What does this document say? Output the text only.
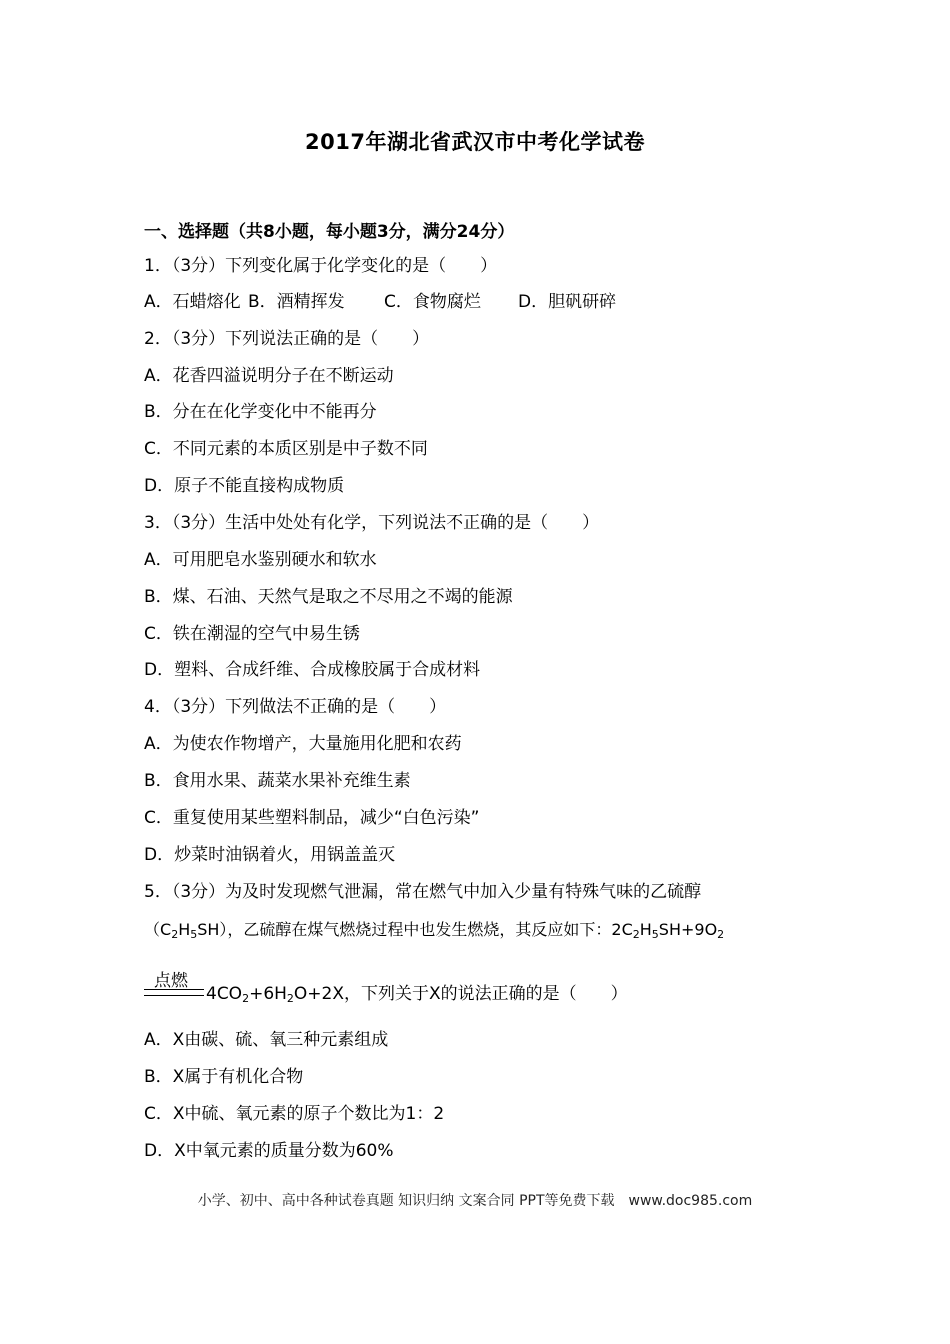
2017年湖北省武汉市中考化学试卷
一、选择题（共8小题，每小题3分，满分24分）
1．（3分）下列变化属于化学变化的是（　　）
A．石蜡熔化 B．酒精挥发 C．食物腐烂 D．胆矾研碎
2．（3分）下列说法正确的是（　　）
A．花香四溢说明分子在不断运动
B．分在在化学变化中不能再分
C．不同元素的本质区别是中子数不同
D．原子不能直接构成物质
3．（3分）生活中处处有化学，下列说法不正确的是（　　）
A．可用肥皂水鉴别硬水和软水
B．煤、石油、天然气是取之不尽用之不竭的能源
C．铁在潮湿的空气中易生锈
D．塑料、合成纤维、合成橡胶属于合成材料
4．（3分）下列做法不正确的是（　　）
A．为使农作物增产，大量施用化肥和农药
B．食用水果、蔬菜水果补充维生素
C．重复使用某些塑料制品，减少“白色污染”
D．炒菜时油锅着火，用锅盖盖灭
5．（3分）为及时发现燃气泄漏，常在燃气中加入少量有特殊气味的乙硫醇
$(C_2H_5SH)$，乙硫醇在煤气燃烧过程中也发生燃烧，其反应如下：$2C_2H_5SH+9O_2$
点燃
$4CO_2+6H_2O+2X$，下列关于X的说法正确的是（　　）
A．X由碳、硫、氧三种元素组成
B．X属于有机化合物
C．X中硫、氧元素的原子个数比为1：2
D．X中氧元素的质量分数为60%
小学、初中、高中各种试卷真题 知识归纳 文案合同 PPT等免费下载　www.doc985.com
